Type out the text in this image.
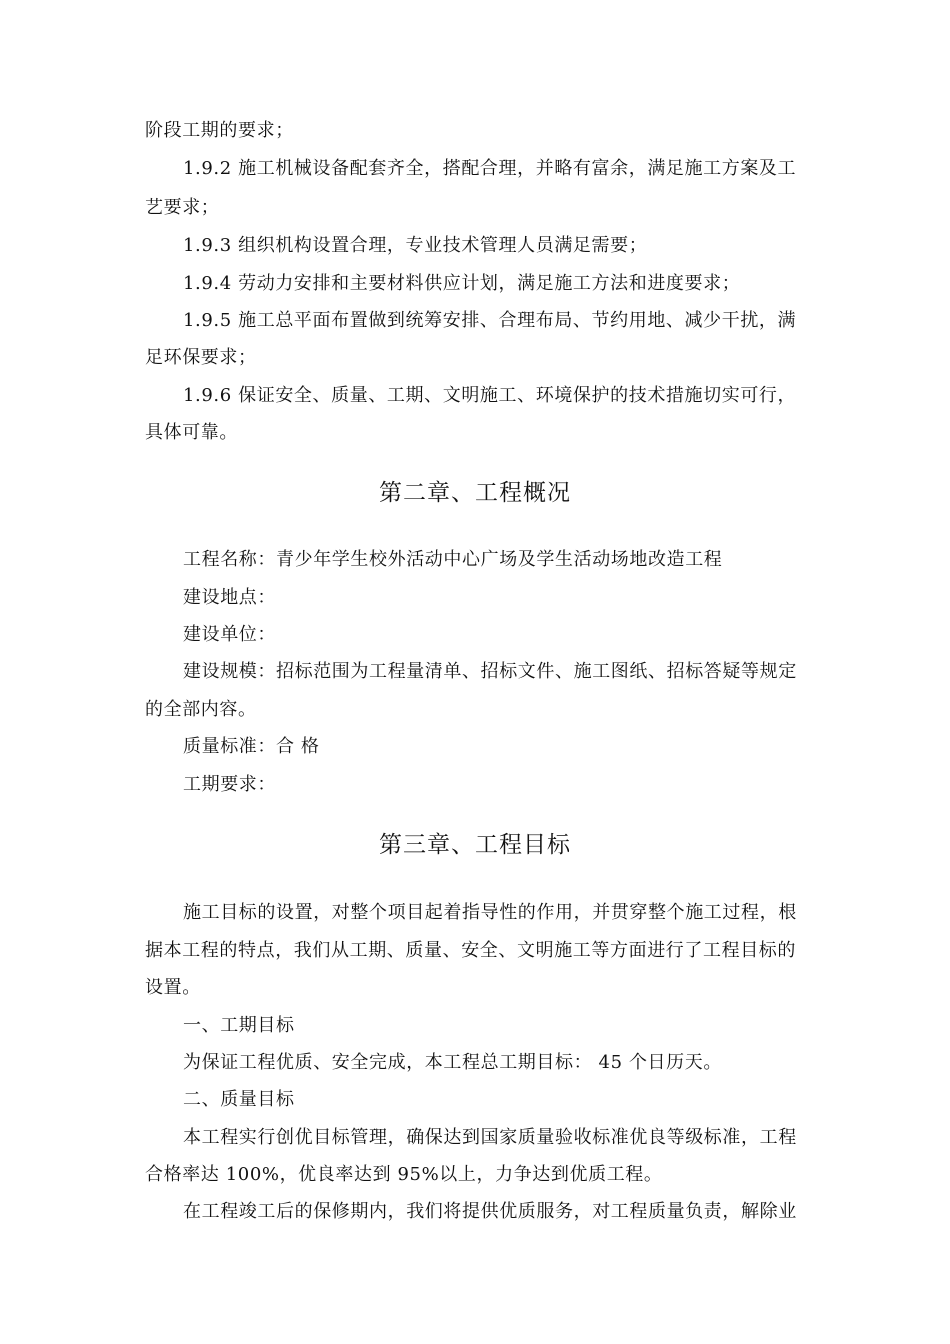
阶段工期的要求；
1.9.2 施工机械设备配套齐全，搭配合理，并略有富余，满足施工方案及工
艺要求；
1.9.3 组织机构设置合理，专业技术管理人员满足需要；
1.9.4 劳动力安排和主要材料供应计划，满足施工方法和进度要求；
1.9.5 施工总平面布置做到统筹安排、合理布局、节约用地、减少干扰，满
足环保要求；
1.9.6 保证安全、质量、工期、文明施工、环境保护的技术措施切实可行，
具体可靠。
第二章、工程概况
工程名称：青少年学生校外活动中心广场及学生活动场地改造工程
建设地点：
建设单位：
建设规模：招标范围为工程量清单、招标文件、施工图纸、招标答疑等规定
的全部内容。
质量标准：合 格
工期要求：
第三章、工程目标
施工目标的设置，对整个项目起着指导性的作用，并贯穿整个施工过程，根
据本工程的特点，我们从工期、质量、安全、文明施工等方面进行了工程目标的
设置。
一、工期目标
为保证工程优质、安全完成，本工程总工期目标： 45 个日历天。
二、质量目标
本工程实行创优目标管理，确保达到国家质量验收标准优良等级标准，工程
合格率达 100%，优良率达到 95%以上，力争达到优质工程。
在工程竣工后的保修期内，我们将提供优质服务，对工程质量负责，解除业
